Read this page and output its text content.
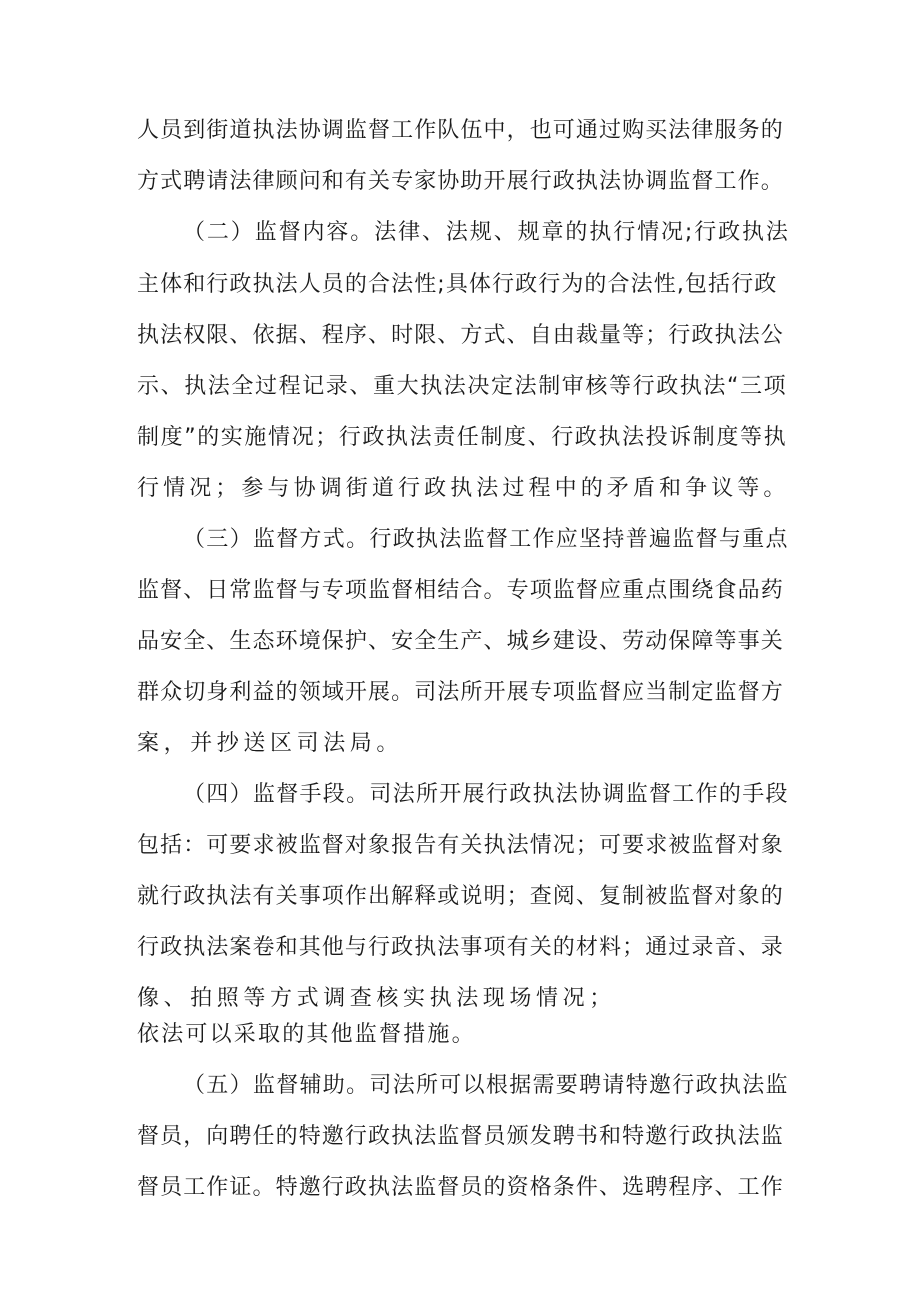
人员到街道执法协调监督工作队伍中，也可通过购买法律服务的
方式聘请法律顾问和有关专家协助开展行政执法协调监督工作。
（二）监督内容。法律、法规、规章的执行情况;行政执法
主体和行政执法人员的合法性;具体行政行为的合法性,包括行政
执法权限、依据、程序、时限、方式、自由裁量等；行政执法公
示、执法全过程记录、重大执法决定法制审核等行政执法“三项
制度”的实施情况；行政执法责任制度、行政执法投诉制度等执
行情况；参与协调街道行政执法过程中的矛盾和争议等。
（三）监督方式。行政执法监督工作应坚持普遍监督与重点
监督、日常监督与专项监督相结合。专项监督应重点围绕食品药
品安全、生态环境保护、安全生产、城乡建设、劳动保障等事关
群众切身利益的领域开展。司法所开展专项监督应当制定监督方
案，并抄送区司法局。
（四）监督手段。司法所开展行政执法协调监督工作的手段
包括：可要求被监督对象报告有关执法情况；可要求被监督对象
就行政执法有关事项作出解释或说明；查阅、复制被监督对象的
行政执法案卷和其他与行政执法事项有关的材料；通过录音、录
像、拍照等方式调查核实执法现场情况；
依法可以采取的其他监督措施。
（五）监督辅助。司法所可以根据需要聘请特邀行政执法监
督员，向聘任的特邀行政执法监督员颁发聘书和特邀行政执法监
督员工作证。特邀行政执法监督员的资格条件、选聘程序、工作
